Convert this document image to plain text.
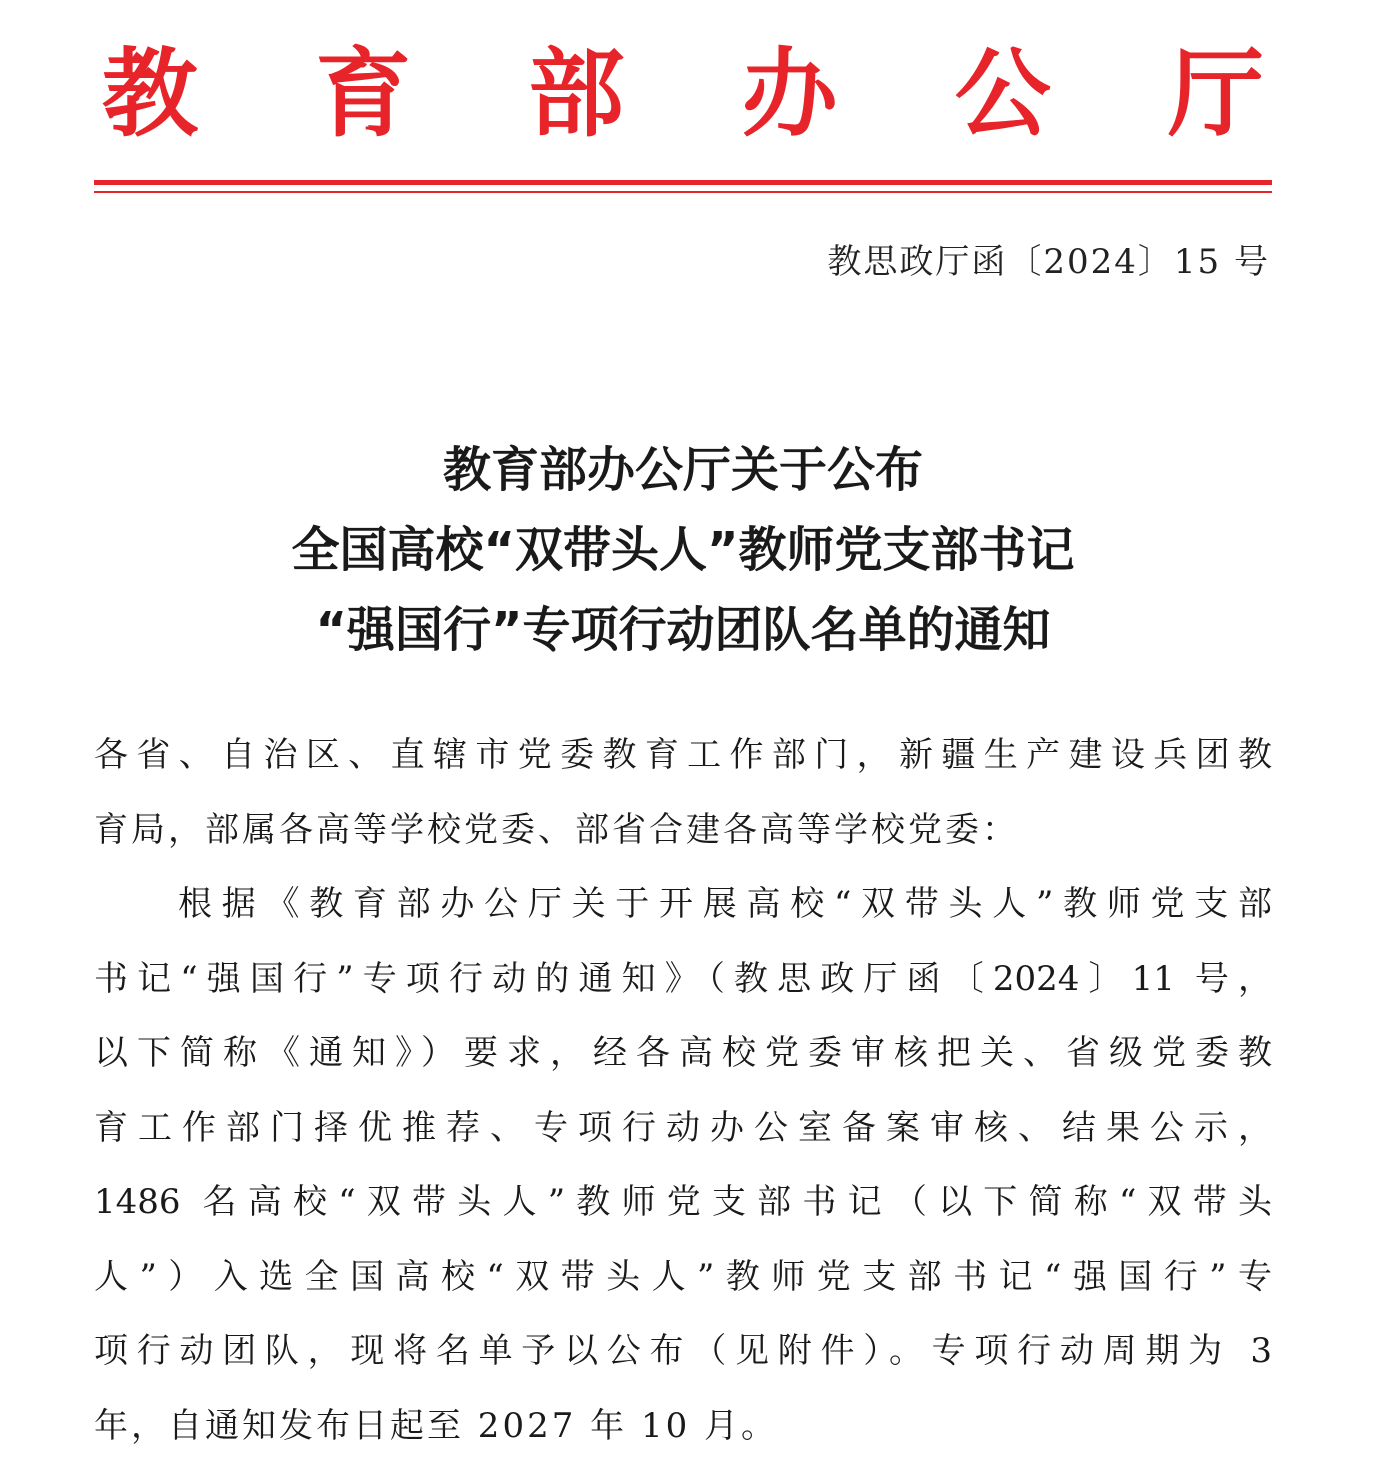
教 育 部 办 公 厅
教思政厅函〔2024〕15 号
教育部办公厅关于公布
全国高校“双带头人”教师党支部书记
“强国行”专项行动团队名单的通知
各省、自治区、直辖市党委教育工作部门，新疆生产建设兵团教
育局，部属各高等学校党委、部省合建各高等学校党委：
根据《教育部办公厅关于开展高校“双带头人”教师党支部
书记“强国行”专项行动的通知》（教思政厅函〔2024〕11 号，
以下简称《通知》）要求，经各高校党委审核把关、省级党委教
育工作部门择优推荐、专项行动办公室备案审核、结果公示，
1486 名高校“双带头人”教师党支部书记（以下简称“双带头
人”）入选全国高校“双带头人”教师党支部书记“强国行”专
项行动团队，现将名单予以公布（见附件）。专项行动周期为 3
年，自通知发布日起至 2027 年 10 月。
